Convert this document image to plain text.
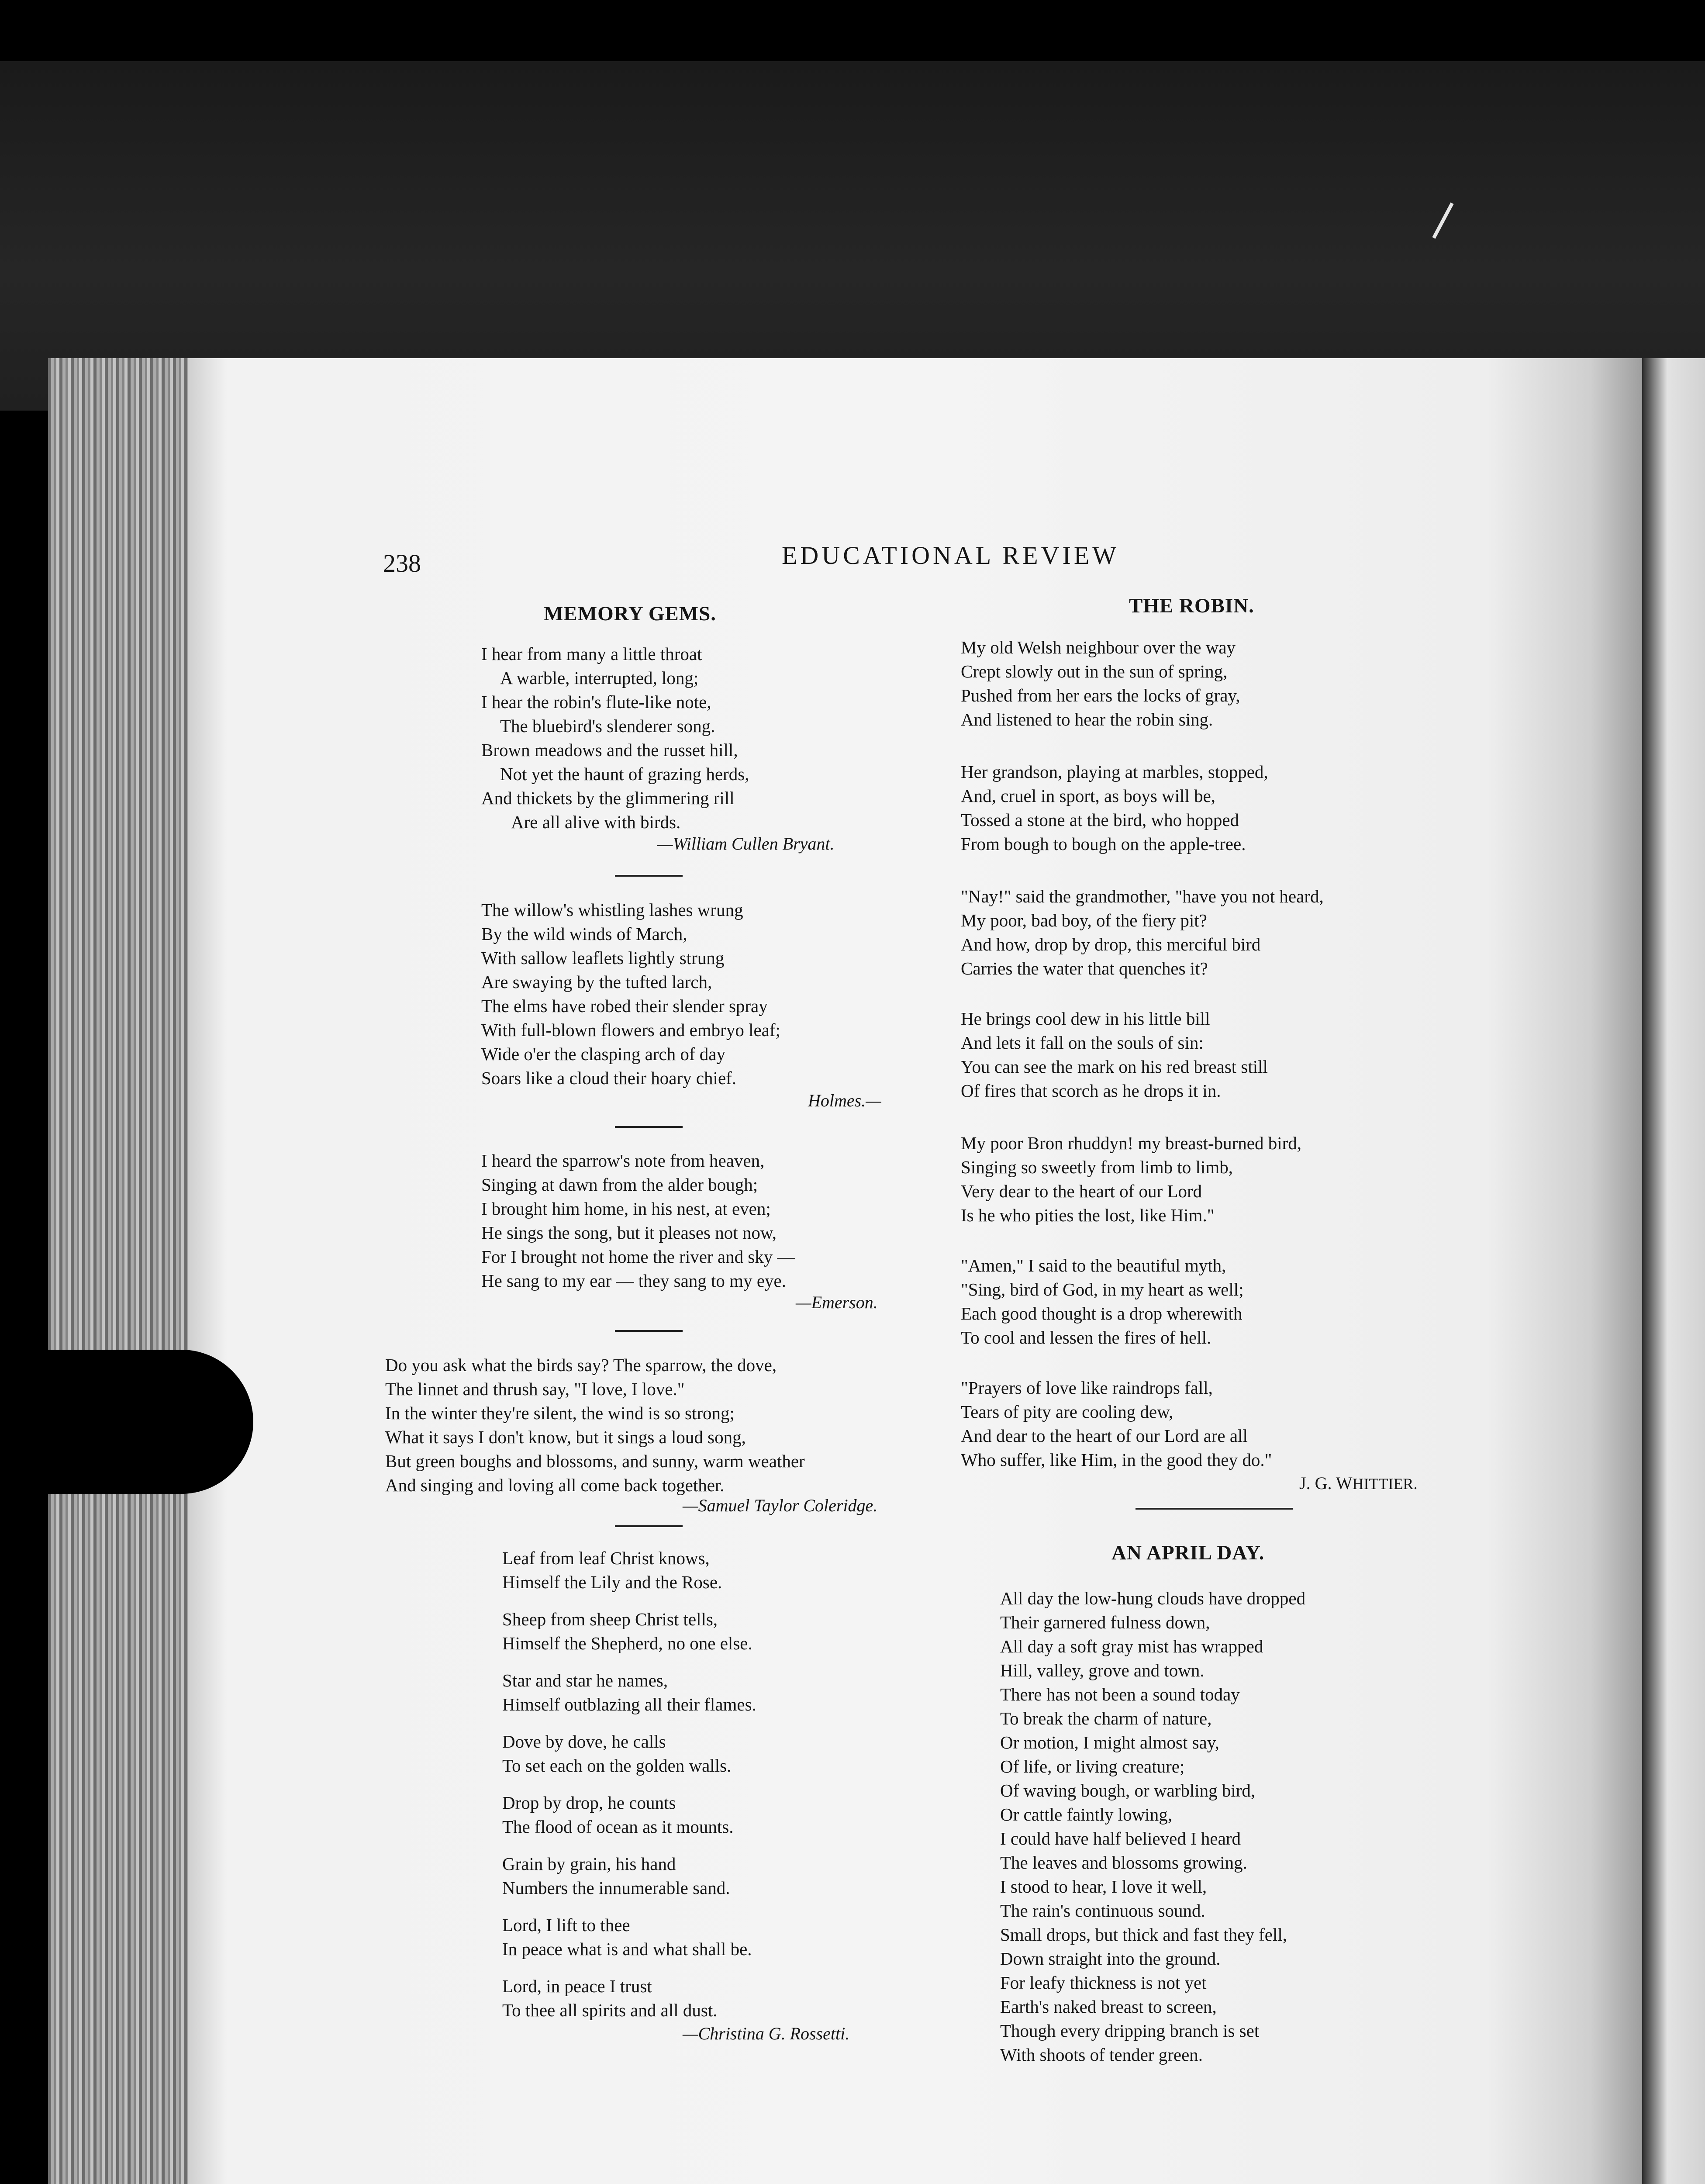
238	EDUCATIONAL REVIEW
MEMORY GEMS.
I hear from many a little throat
A warble, interrupted, long;
I hear the robin's flute-like note,
The bluebird's slenderer song.
Brown meadows and the russet hill,
Not yet the haunt of grazing herds,
And thickets by the glimmering rill
Are all alive with birds.
—William Cullen Bryant.
The willow's whistling lashes wrung
By the wild winds of March,
With sallow leaflets lightly strung
Are swaying by the tufted larch,
The elms have robed their slender spray
With full-blown flowers and embryo leaf;
Wide o'er the clasping arch of day
Soars like a cloud their hoary chief.
Holmes.—
I heard the sparrow's note from heaven,
Singing at dawn from the alder bough;
I brought him home, in his nest, at even;
He sings the song, but it pleases not now,
For I brought not home the river and sky —
He sang to my ear — they sang to my eye.
—Emerson.
Do you ask what the birds say? The sparrow, the dove,
The linnet and thrush say, "I love, I love."
In the winter they're silent, the wind is so strong;
What it says I don't know, but it sings a loud song,
But green boughs and blossoms, and sunny, warm weather
And singing and loving all come back together.
—Samuel Taylor Coleridge.
Leaf from leaf Christ knows,
Himself the Lily and the Rose.
Sheep from sheep Christ tells,
Himself the Shepherd, no one else.
Star and star he names,
Himself outblazing all their flames.
Dove by dove, he calls
To set each on the golden walls.
Drop by drop, he counts
The flood of ocean as it mounts.
Grain by grain, his hand
Numbers the innumerable sand.
Lord, I lift to thee
In peace what is and what shall be.
Lord, in peace I trust
To thee all spirits and all dust.
—Christina G. Rossetti.
THE ROBIN.
My old Welsh neighbour over the way
Crept slowly out in the sun of spring,
Pushed from her ears the locks of gray,
And listened to hear the robin sing.
Her grandson, playing at marbles, stopped,
And, cruel in sport, as boys will be,
Tossed a stone at the bird, who hopped
From bough to bough on the apple-tree.
"Nay!" said the grandmother, "have you not heard,
My poor, bad boy, of the fiery pit?
And how, drop by drop, this merciful bird
Carries the water that quenches it?
He brings cool dew in his little bill
And lets it fall on the souls of sin:
You can see the mark on his red breast still
Of fires that scorch as he drops it in.
My poor Bron rhuddyn! my breast-burned bird,
Singing so sweetly from limb to limb,
Very dear to the heart of our Lord
Is he who pities the lost, like Him."
"Amen," I said to the beautiful myth,
"Sing, bird of God, in my heart as well;
Each good thought is a drop wherewith
To cool and lessen the fires of hell.
"Prayers of love like raindrops fall,
Tears of pity are cooling dew,
And dear to the heart of our Lord are all
Who suffer, like Him, in the good they do."
J. G. WHITTIER.
AN APRIL DAY.
All day the low-hung clouds have dropped
Their garnered fulness down,
All day a soft gray mist has wrapped
Hill, valley, grove and town.
There has not been a sound today
To break the charm of nature,
Or motion, I might almost say,
Of life, or living creature;
Of waving bough, or warbling bird,
Or cattle faintly lowing,
I could have half believed I heard
The leaves and blossoms growing.
I stood to hear, I love it well,
The rain's continuous sound.
Small drops, but thick and fast they fell,
Down straight into the ground.
For leafy thickness is not yet
Earth's naked breast to screen,
Though every dripping branch is set
With shoots of tender green.
